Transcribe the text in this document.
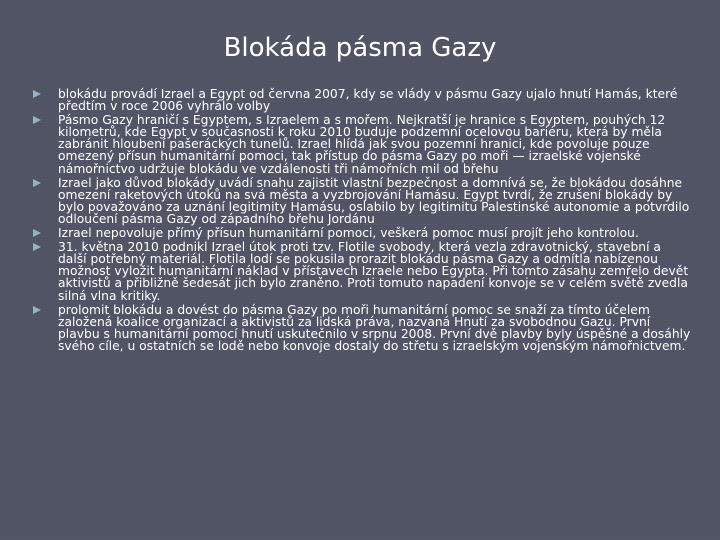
Blokáda pásma Gazy
blokádu provádí Izrael a Egypt od června 2007, kdy se vlády v pásmu Gazy ujalo hnutí Hamás, které předtím v roce 2006 vyhrálo volby
Pásmo Gazy hraničí s Egyptem, s Izraelem a s mořem. Nejkratší je hranice s Egyptem, pouhých 12 kilometrů, kde Egypt v současnosti k roku 2010 buduje podzemní ocelovou bariéru, která by měla zabránit hloubení pašeráckých tunelů. Izrael hlídá jak svou pozemní hranici, kde povoluje pouze omezený přísun humanitární pomoci, tak přístup do pásma Gazy po moři — izraelské vojenské námořnictvo udržuje blokádu ve vzdálenosti tři námořních mil od břehu
Izrael jako důvod blokády uvádí snahu zajistit vlastní bezpečnost a domnívá se, že blokádou dosáhne omezení raketových útoků na svá města a vyzbrojování Hamásu. Egypt tvrdí, že zrušení blokády by bylo považováno za uznání legitimity Hamásu, oslabilo by legitimitu Palestinské autonomie a potvrdilo odloučení pásma Gazy od západního břehu Jordánu
Izrael nepovoluje přímý přísun humanitární pomoci, veškerá pomoc musí projít jeho kontrolou.
31. května 2010 podnikl Izrael útok proti tzv. Flotile svobody, která vezla zdravotnický, stavební a další potřebný materiál. Flotila lodí se pokusila prorazit blokádu pásma Gazy a odmítla nabízenou možnost vyložit humanitární náklad v přístavech Izraele nebo Egypta. Při tomto zásahu zemřelo devět aktivistů a přibližně šedesát jich bylo zraněno. Proti tomuto napadení konvoje se v celém světě zvedla silná vlna kritiky.
prolomit blokádu a dovést do pásma Gazy po moři humanitární pomoc se snaží za tímto účelem založená koalice organizací a aktivistů za lidská práva, nazvaná Hnutí za svobodnou Gazu. První plavbu s humanitární pomocí hnutí uskutečnilo v srpnu 2008. První dvě plavby byly úspěšné a dosáhly svého cíle, u ostatních se lodě nebo konvoje dostaly do střetu s izraelským vojenským námořnictvem.
